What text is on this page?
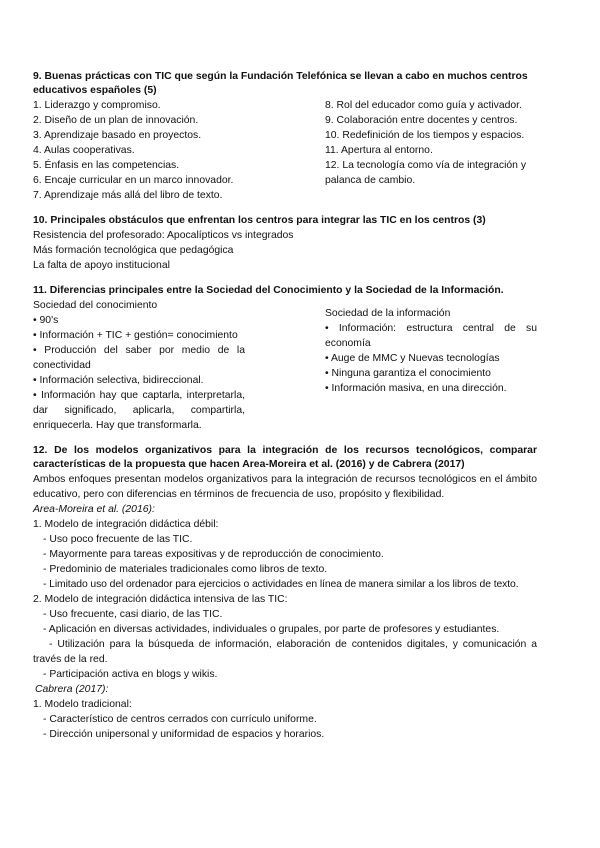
9. Buenas prácticas con TIC que según la Fundación Telefónica se llevan a cabo en muchos centros educativos españoles (5)

1. Liderazgo y compromiso.

2. Diseño de un plan de innovación.

3. Aprendizaje basado en proyectos.

4. Aulas cooperativas.

5. Énfasis en las competencias.

6. Encaje curricular en un marco innovador.

7. Aprendizaje más allá del libro de texto.

8. Rol del educador como guía y activador.

9. Colaboración entre docentes y centros.

10. Redefinición de los tiempos y espacios.

11. Apertura al entorno.

12. La tecnología como vía de integración y palanca de cambio.

10. Principales obstáculos que enfrentan los centros para integrar las TIC en los centros (3)

Resistencia del profesorado: Apocalípticos vs integrados

Más formación tecnológica que pedagógica

La falta de apoyo institucional

11. Diferencias principales entre la Sociedad del Conocimiento y la Sociedad de la Información.

Sociedad del conocimiento

• 90's

• Información + TIC + gestión= conocimiento

• Producción del saber por medio de la conectividad

• Información selectiva, bidireccional.

• Información hay que captarla, interpretarla, dar significado, aplicarla, compartirla, enriquecerla. Hay que transformarla.

Sociedad de la información

• Información: estructura central de su economía

• Auge de MMC y Nuevas tecnologías

• Ninguna garantiza el conocimiento

• Información masiva, en una dirección.

12. De los modelos organizativos para la integración de los recursos tecnológicos, comparar características de la propuesta que hacen Area-Moreira et al. (2016) y de Cabrera (2017)

Ambos enfoques presentan modelos organizativos para la integración de recursos tecnológicos en el ámbito educativo, pero con diferencias en términos de frecuencia de uso, propósito y flexibilidad.

Area-Moreira et al. (2016):

1. Modelo de integración didáctica débil:

- Uso poco frecuente de las TIC.

- Mayormente para tareas expositivas y de reproducción de conocimiento.

- Predominio de materiales tradicionales como libros de texto.

- Limitado uso del ordenador para ejercicios o actividades en línea de manera similar a los libros de texto.

2. Modelo de integración didáctica intensiva de las TIC:

- Uso frecuente, casi diario, de las TIC.

- Aplicación en diversas actividades, individuales o grupales, por parte de profesores y estudiantes.

- Utilización para la búsqueda de información, elaboración de contenidos digitales, y comunicación a través de la red.

- Participación activa en blogs y wikis.

Cabrera (2017):

1. Modelo tradicional:

- Característico de centros cerrados con currículo uniforme.

- Dirección unipersonal y uniformidad de espacios y horarios.
